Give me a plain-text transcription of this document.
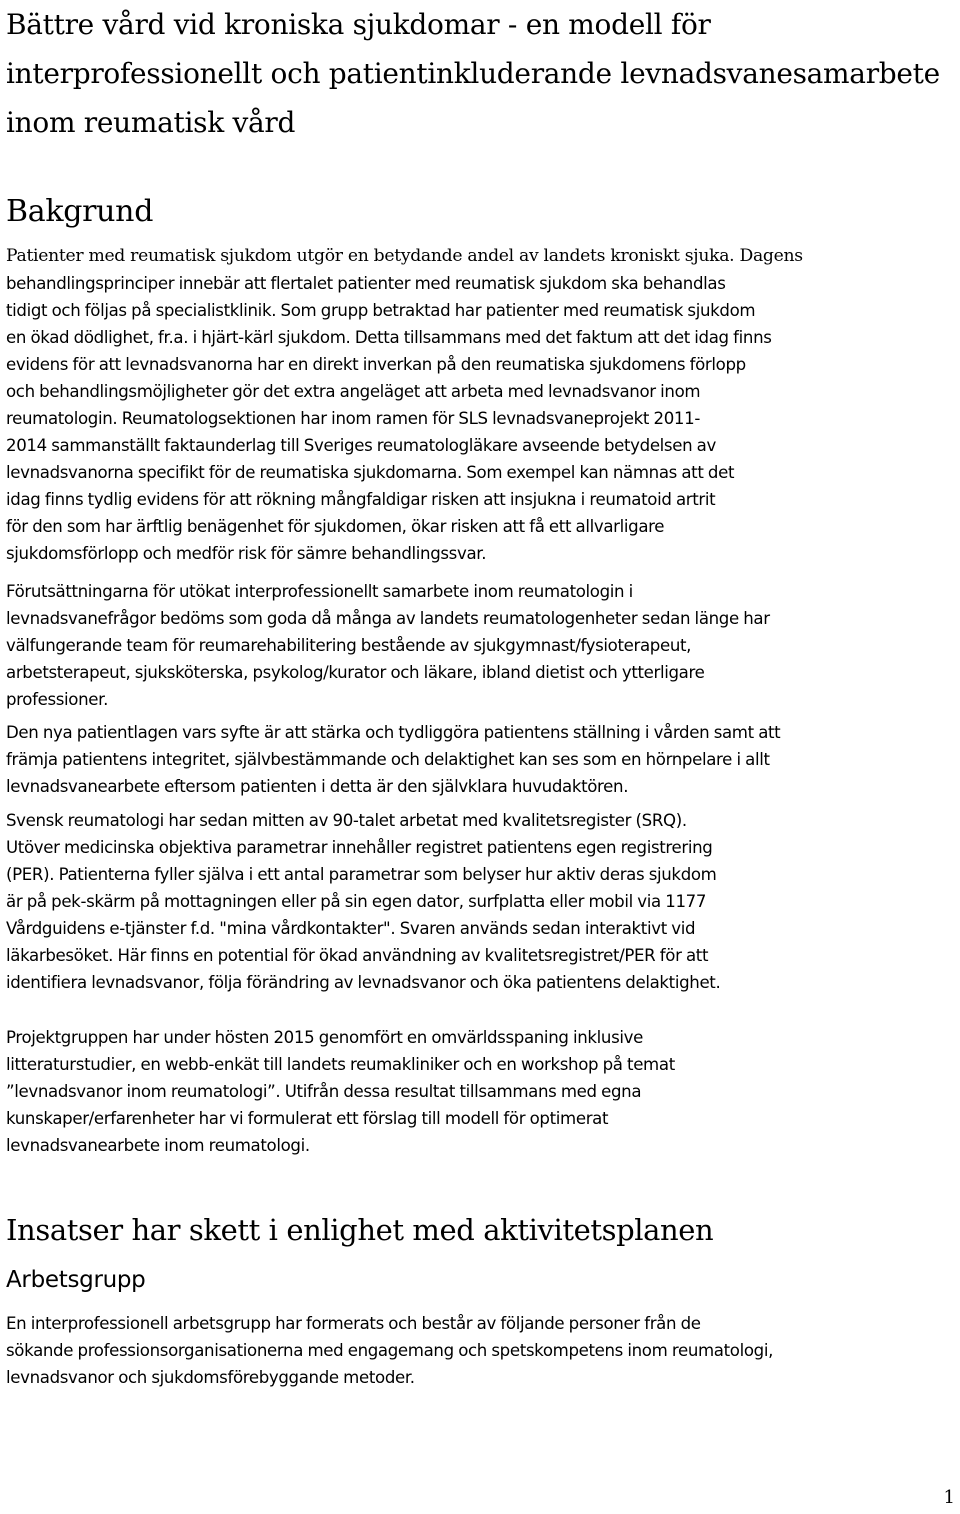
Bättre vård vid kroniska sjukdomar - en modell för interprofessionellt och patientinkluderande levnadsvanesamarbete inom reumatisk vård
Bakgrund

Patienter med reumatisk sjukdom utgör en betydande andel av landets kroniskt sjuka. Dagens

behandlingsprinciper innebär att flertalet patienter med reumatisk sjukdom ska behandlas
tidigt och följas på specialistklinik. Som grupp betraktad har patienter med reumatisk sjukdom
en ökad dödlighet, fr.a. i hjärt-kärl sjukdom. Detta tillsammans med det faktum att det idag finns
evidens för att levnadsvanorna har en direkt inverkan på den reumatiska sjukdomens förlopp
och behandlingsmöjligheter gör det extra angeläget att arbeta med levnadsvanor inom
reumatologin. Reumatologsektionen har inom ramen för SLS levnadsvaneprojekt 2011-
2014 sammanställt faktaunderlag till Sveriges reumatologläkare avseende betydelsen av
levnadsvanorna specifikt för de reumatiska sjukdomarna. Som exempel kan nämnas att det
idag finns tydlig evidens för att rökning mångfaldigar risken att insjukna i reumatoid artrit
för den som har ärftlig benägenhet för sjukdomen, ökar risken att få ett allvarligare
sjukdomsförlopp och medför risk för sämre behandlingssvar.
Förutsättningarna för utökat interprofessionellt samarbete inom reumatologin i
levnadsvanefrågor bedöms som goda då många av landets reumatologenheter sedan länge har
välfungerande team för reumarehabilitering bestående av sjukgymnast/fysioterapeut,
arbetsterapeut, sjuksköterska, psykolog/kurator och läkare, ibland dietist och ytterligare
professioner.
Den nya patientlagen vars syfte är att stärka och tydliggöra patientens ställning i vården samt att
främja patientens integritet, självbestämmande och delaktighet kan ses som en hörnpelare i allt
levnadsvanearbete eftersom patienten i detta är den självklara huvudaktören.
Svensk reumatologi har sedan mitten av 90-talet arbetat med kvalitetsregister (SRQ).
Utöver medicinska objektiva parametrar innehåller registret patientens egen registrering
(PER). Patienterna fyller själva i ett antal parametrar som belyser hur aktiv deras sjukdom
är på pek-skärm på mottagningen eller på sin egen dator, surfplatta eller mobil via 1177
Vårdguidens e-tjänster f.d. "mina vårdkontakter". Svaren används sedan interaktivt vid
läkarbesöket. Här finns en potential för ökad användning av kvalitetsregistret/PER för att
identifiera levnadsvanor, följa förändring av levnadsvanor och öka patientens delaktighet.
Projektgruppen har under hösten 2015 genomfört en omvärldsspaning inklusive
litteraturstudier, en webb-enkät till landets reumakliniker och en workshop på temat
”levnadsvanor inom reumatologi”. Utifrån dessa resultat tillsammans med egna
kunskaper/erfarenheter har vi formulerat ett förslag till modell för optimerat
levnadsvanearbete inom reumatologi.
Insatser har skett i enlighet med aktivitetsplanen
Arbetsgrupp
En interprofessionell arbetsgrupp har formerats och består av följande personer från de
sökande professionsorganisationerna med engagemang och spetskompetens inom reumatologi,
levnadsvanor och sjukdomsförebyggande metoder.
1
